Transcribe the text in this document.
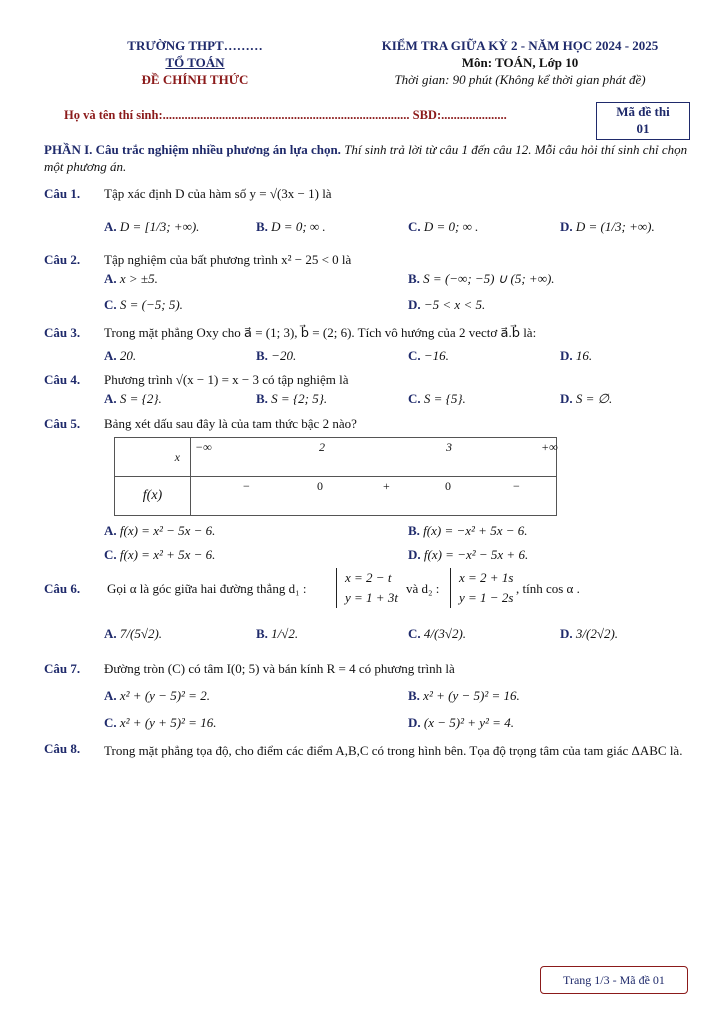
TRƯỜNG THPT………
TỔ TOÁN
ĐỀ CHÍNH THỨC
KIỂM TRA GIỮA KỲ 2 - NĂM HỌC 2024 - 2025
Môn: TOÁN, Lớp 10
Thời gian: 90 phút (Không kể thời gian phát đề)
Họ và tên thí sinh:............................................................................... SBD:.....................	Mã đề thi
01
PHẦN I. Câu trắc nghiệm nhiều phương án lựa chọn. Thí sinh trả lời từ câu 1 đến câu 12. Mỗi câu hỏi thí sinh chỉ chọn một phương án.
Câu 1. Tập xác định D của hàm số y = √(3x − 1) là
A. D = [1/3; +∞).	B. D = 0; ∞ .	C. D = 0; ∞ .	D. D = (1/3; +∞).
Câu 2. Tập nghiệm của bất phương trình x² − 25 < 0 là
A. x > ±5.	B. S = (−∞; −5) ∪ (5; +∞).
C. S = (−5; 5).	D. −5 < x < 5.
Câu 3. Trong mặt phẳng Oxy cho a⃗ = (1; 3), b⃗ = (2; 6). Tích vô hướng của 2 vectơ a⃗.b⃗ là:
A. 20.	B. −20.	C. −16.	D. 16.
Câu 4. Phương trình √(x − 1) = x − 3 có tập nghiệm là
A. S = {2}.	B. S = {2; 5}.	C. S = {5}.	D. S = ∅.
Câu 5. Bảng xét dấu sau đây là của tam thức bậc 2 nào?
x	−∞ 2 3 +∞

f(x)	− 0 + 0 −
A. f(x) = x² − 5x − 6.	B. f(x) = −x² + 5x − 6.
C. f(x) = x² + 5x − 6.	D. f(x) = −x² − 5x + 6.
Câu 6. Gọi α là góc giữa hai đường thẳng d₁ :
x = 2 − t
y = 1 + 3t
và d₂ :
x = 2 + 1s
y = 1 − 2s
, tính cos α .
A. 7/(5√2).	B. 1/√2.	C. 4/(3√2).	D. 3/(2√2).
Câu 7. Đường tròn (C) có tâm I(0; 5) và bán kính R = 4 có phương trình là
A. x² + (y − 5)² = 2.	B. x² + (y − 5)² = 16.
C. x² + (y + 5)² = 16.	D. (x − 5)² + y² = 4.
Câu 8. Trong mặt phẳng tọa độ, cho điểm các điểm A,B,C có trong hình bên. Tọa độ trọng tâm của tam giác ΔABC là.
Trang 1/3 - Mã đề 01
